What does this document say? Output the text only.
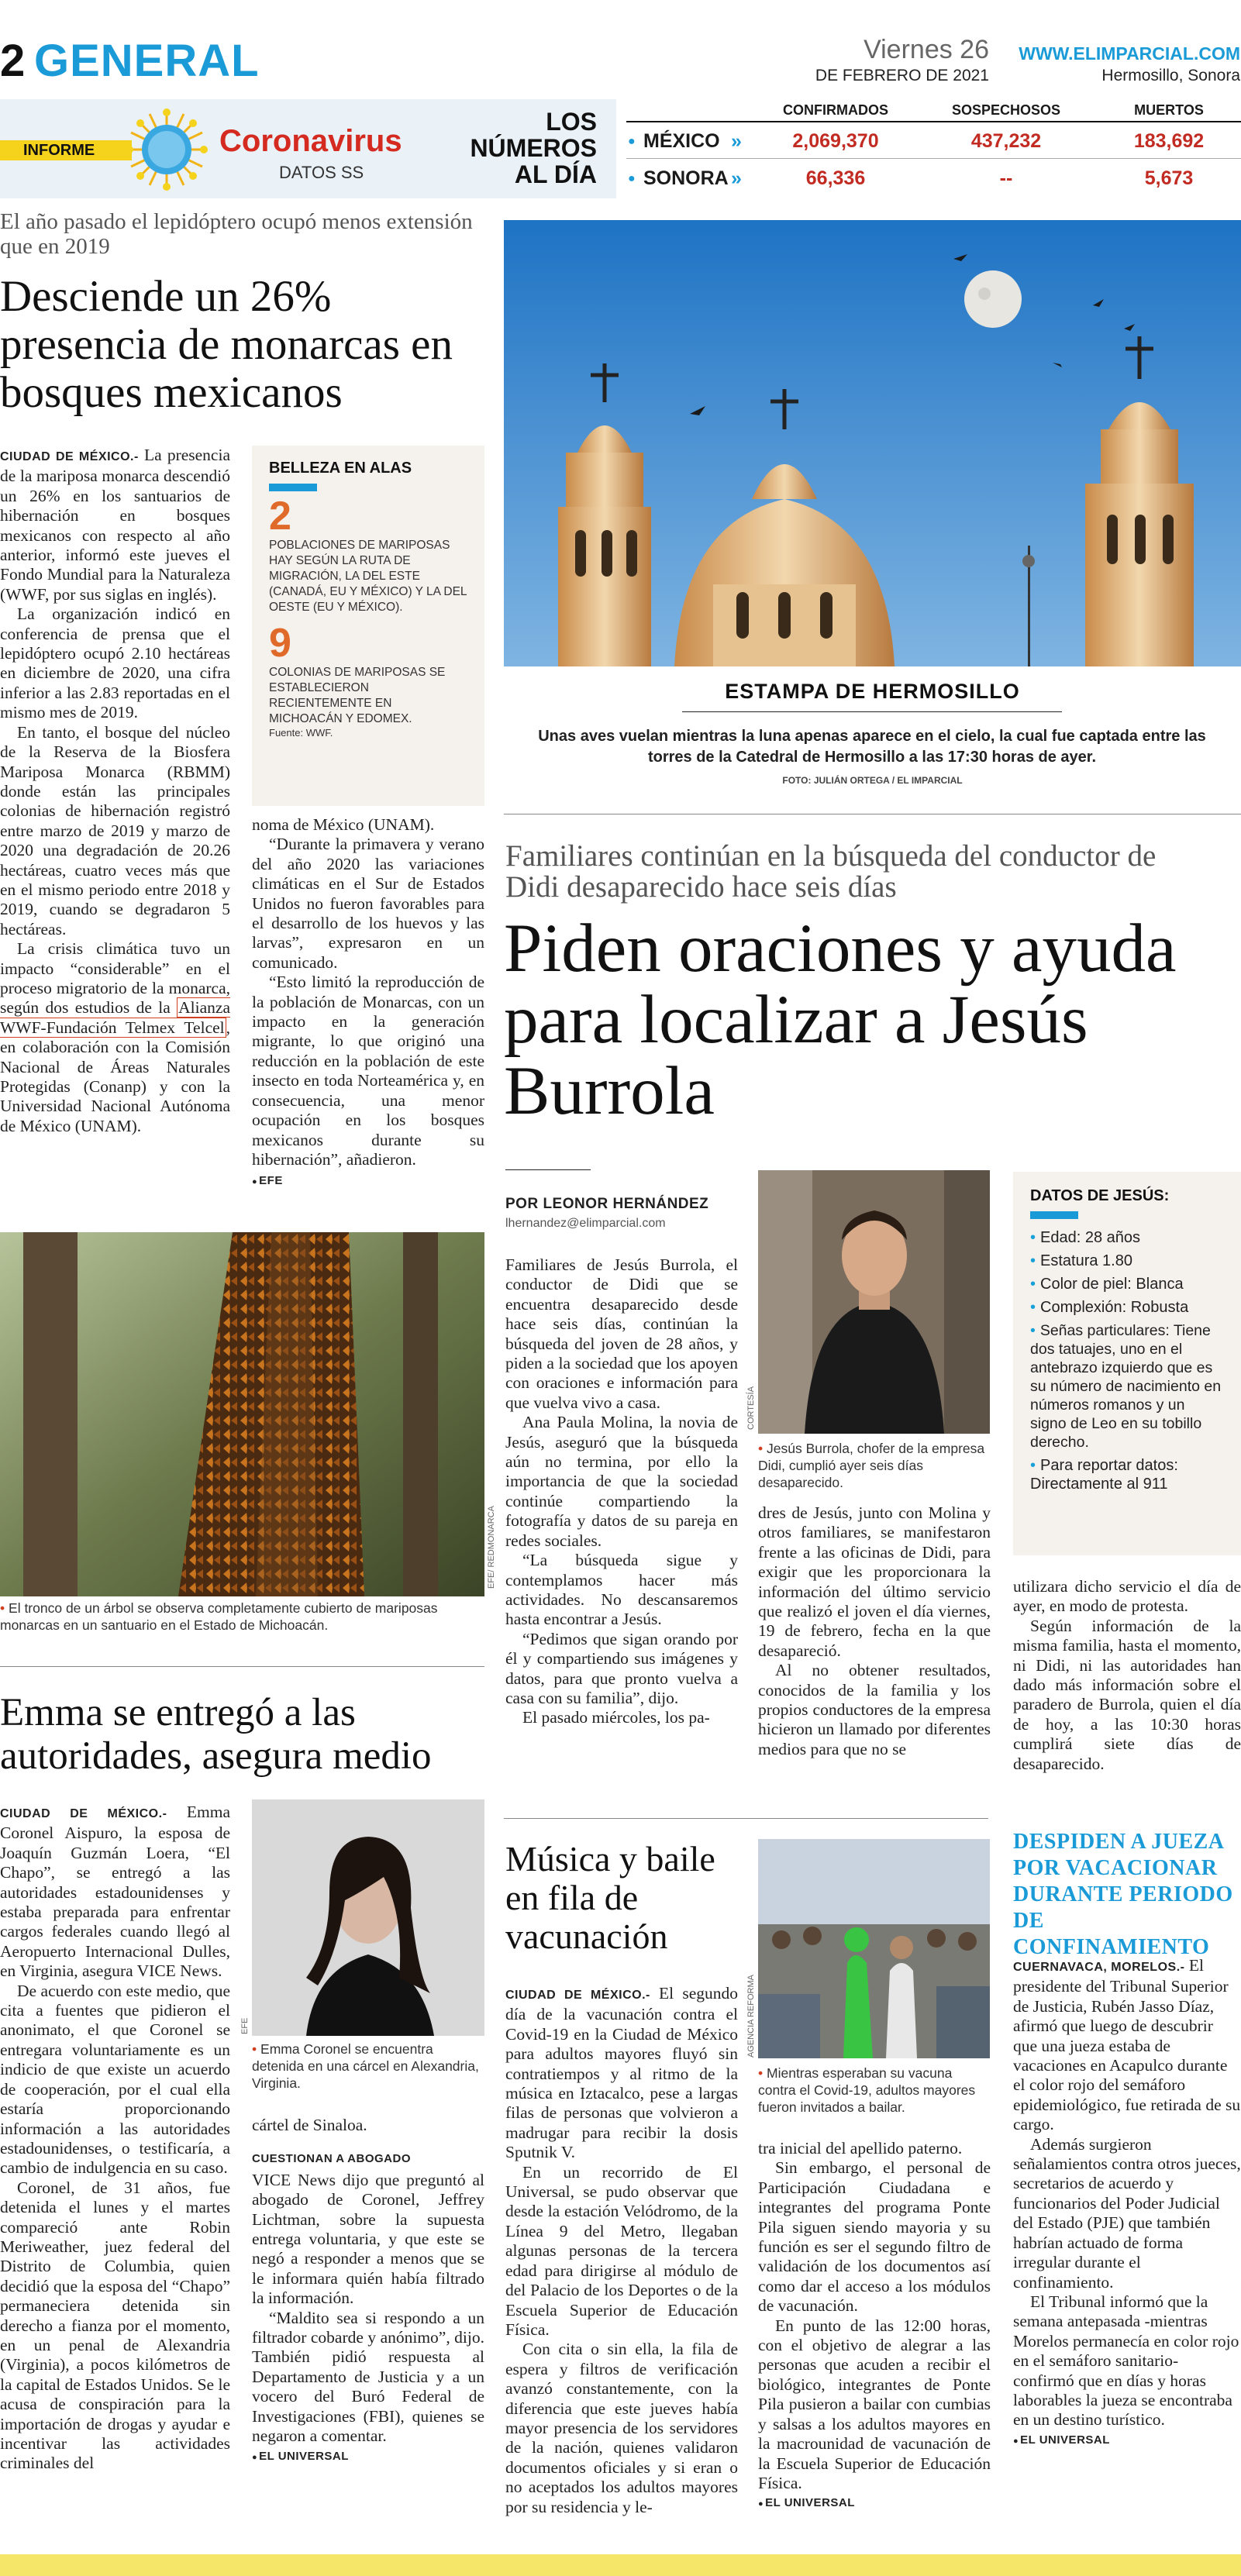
2 GENERAL	Viernes 26
DE FEBRERO DE 2021
WWW.ELIMPARCIAL.COM
Hermosillo, Sonora
INFORME	Coronavirus
DATOS SS
LOS
NÚMEROS
AL DÍA
CONFIRMADOS	SOSPECHOSOS	MUERTOS
● MÉXICO »	2,069,370	437,232	183,692
● SONORA »	66,336	--	5,673
El año pasado el lepidóptero ocupó menos extensión que en 2019
Desciende un 26% presencia de monarcas en bosques mexicanos

CIUDAD DE MÉXICO.- La presencia de la mariposa monarca descendió un 26% en los santuarios de hibernación en bosques mexicanos con respecto al año anterior, informó este jueves el Fondo Mundial para la Naturaleza (WWF, por sus siglas en inglés).

La organización indicó en conferencia de prensa que el lepidóptero ocupó 2.10 hectáreas en diciembre de 2020, una cifra inferior a las 2.83 reportadas en el mismo mes de 2019.

En tanto, el bosque del núcleo de la Reserva de la Biosfera Mariposa Monarca (RBMM) donde están las principales colonias de hibernación registró entre marzo de 2019 y marzo de 2020 una degradación de 20.26 hectáreas, cuatro veces más que en el mismo periodo entre 2018 y 2019, cuando se degradaron 5 hectáreas.

La crisis climática tuvo un impacto “considerable” en el proceso migratorio de la monarca, según dos estudios de la Alianza WWF-Fundación Telmex Telcel, en colaboración con la Comisión Nacional de Áreas Naturales Protegidas (Conanp) y con la Universidad Nacional Autónoma de México (UNAM).

BELLEZA EN ALAS
2
POBLACIONES DE MARIPOSAS HAY SEGÚN LA RUTA DE MIGRACIÓN, LA DEL ESTE (CANADÁ, EU Y MÉXICO) Y LA DEL OESTE (EU Y MÉXICO).
9
COLONIAS DE MARIPOSAS SE ESTABLECIERON RECIENTEMENTE EN MICHOACÁN Y EDOMEX.
Fuente: WWF.

noma de México (UNAM).

“Durante la primavera y verano del año 2020 las variaciones climáticas en el Sur de Estados Unidos no fueron favorables para el desarrollo de los huevos y las larvas”, expresaron en un comunicado.

“Esto limitó la reproducción de la población de Monarcas, con un impacto en la generación migrante, lo que originó una reducción en la población de este insecto en toda Norteamérica y, en consecuencia, una menor ocupación en los bosques mexicanos durante su hibernación”, añadieron.

● EFE
EFE/ REDMONARCA
• El tronco de un árbol se observa completamente cubierto de mariposas monarcas en un santuario en el Estado de Michoacán.
ESTAMPA DE HERMOSILLO
Unas aves vuelan mientras la luna apenas aparece en el cielo, la cual fue captada entre las torres de la Catedral de Hermosillo a las 17:30 horas de ayer.
FOTO: JULIÁN ORTEGA / EL IMPARCIAL
Familiares continúan en la búsqueda del conductor de Didi desaparecido hace seis días
Piden oraciones y ayuda para localizar a Jesús Burrola
POR LEONOR HERNÁNDEZ
lhernandez@elimparcial.com

Familiares de Jesús Burrola, el conductor de Didi que se encuentra desaparecido desde hace seis días, continúan la búsqueda del joven de 28 años, y piden a la sociedad que los apoyen con oraciones e información para que vuelva vivo a casa.

Ana Paula Molina, la novia de Jesús, aseguró que la búsqueda aún no termina, por ello la importancia de que la sociedad continúe compartiendo la fotografía y datos de su pareja en redes sociales.

“La búsqueda sigue y contemplamos hacer más actividades. No descansaremos hasta encontrar a Jesús.

“Pedimos que sigan orando por él y compartiendo sus imágenes y datos, para que pronto vuelva a casa con su familia”, dijo.

El pasado miércoles, los pa-

CORTESÍA
• Jesús Burrola, chofer de la empresa Didi, cumplió ayer seis días desaparecido.

dres de Jesús, junto con Molina y otros familiares, se manifestaron frente a las oficinas de Didi, para exigir que les proporcionara la información del último servicio que realizó el joven el día viernes, 19 de febrero, fecha en la que desapareció.

Al no obtener resultados, conocidos de la familia y los propios conductores de la empresa hicieron un llamado por diferentes medios para que no se

DATOS DE JESÚS:
• Edad: 28 años
• Estatura 1.80
• Color de piel: Blanca
• Complexión: Robusta
• Señas particulares: Tiene dos tatuajes, uno en el antebrazo izquierdo que es su número de nacimiento en números romanos y un signo de Leo en su tobillo derecho.
• Para reportar datos: Directamente al 911

utilizara dicho servicio el día de ayer, en modo de protesta.

Según información de la misma familia, hasta el momento, ni Didi, ni las autoridades han dado más información sobre el paradero de Burrola, quien el día de hoy, a las 10:30 horas cumplirá siete días de desaparecido.

Emma se entregó a las autoridades, asegura medio

CIUDAD DE MÉXICO.- Emma Coronel Aispuro, la esposa de Joaquín Guzmán Loera, “El Chapo”, se entregó a las autoridades estadounidenses y estaba preparada para enfrentar cargos federales cuando llegó al Aeropuerto Internacional Dulles, en Virginia, asegura VICE News.

De acuerdo con este medio, que cita a fuentes que pidieron el anonimato, el que Coronel se entregara voluntariamente es un indicio de que existe un acuerdo de cooperación, por el cual ella estaría proporcionando información a las autoridades estadounidenses, o testificaría, a cambio de indulgencia en su caso.

Coronel, de 31 años, fue detenida el lunes y el martes compareció ante Robin Meriweather, juez federal del Distrito de Columbia, quien decidió que la esposa del “Chapo” permaneciera detenida sin derecho a fianza por el momento, en un penal de Alexandria (Virginia), a pocos kilómetros de la capital de Estados Unidos. Se le acusa de conspiración para la importación de drogas y ayudar e incentivar las actividades criminales del

EFE
• Emma Coronel se encuentra detenida en una cárcel en Alexandria, Virginia.

cártel de Sinaloa.

CUESTIONAN A ABOGADO

VICE News dijo que preguntó al abogado de Coronel, Jeffrey Lichtman, sobre la supuesta entrega voluntaria, y que este se negó a responder a menos que se le informara quién había filtrado la información.

“Maldito sea si respondo a un filtrador cobarde y anónimo”, dijo. También pidió respuesta al Departamento de Justicia y a un vocero del Buró Federal de Investigaciones (FBI), quienes se negaron a comentar.

● EL UNIVERSAL
Música y baile en fila de vacunación

CIUDAD DE MÉXICO.- El segundo día de la vacunación contra el Covid-19 en la Ciudad de México para adultos mayores fluyó sin contratiempos y al ritmo de la música en Iztacalco, pese a largas filas de personas que volvieron a madrugar para recibir la dosis Sputnik V.

En un recorrido de El Universal, se pudo observar que desde la estación Velódromo, de la Línea 9 del Metro, llegaban algunas personas de la tercera edad para dirigirse al módulo de del Palacio de los Deportes o de la Escuela Superior de Educación Física.

Con cita o sin ella, la fila de espera y filtros de verificación avanzó constantemente, con la diferencia que este jueves había mayor presencia de los servidores de la nación, quienes validaron documentos oficiales y si eran o no aceptados los adultos mayores por su residencia y le-

AGENCIA REFORMA
• Mientras esperaban su vacuna contra el Covid-19, adultos mayores fueron invitados a bailar.

tra inicial del apellido paterno.

Sin embargo, el personal de Participación Ciudadana e integrantes del programa Ponte Pila siguen siendo mayoria y su función es ser el segundo filtro de validación de los documentos así como dar el acceso a los módulos de vacunación.

En punto de las 12:00 horas, con el objetivo de alegrar a las personas que acuden a recibir el biológico, integrantes de Ponte Pila pusieron a bailar con cumbias y salsas a los adultos mayores en la macrounidad de vacunación de la Escuela Superior de Educación Física.

● EL UNIVERSAL
DESPIDEN A JUEZA POR VACACIONAR DURANTE PERIODO DE CONFINAMIENTO

CUERNAVACA, MORELOS.- El presidente del Tribunal Superior de Justicia, Rubén Jasso Díaz, afirmó que luego de descubrir que una jueza estaba de vacaciones en Acapulco durante el color rojo del semáforo epidemiológico, fue retirada de su cargo.

Además surgieron señalamientos contra otros jueces, secretarios de acuerdo y funcionarios del Poder Judicial del Estado (PJE) que también habrían actuado de forma irregular durante el confinamiento.

El Tribunal informó que la semana antepasada -mientras Morelos permanecía en color rojo en el semáforo sanitario- confirmó que en días y horas laborables la jueza se encontraba en un destino turístico.

● EL UNIVERSAL
